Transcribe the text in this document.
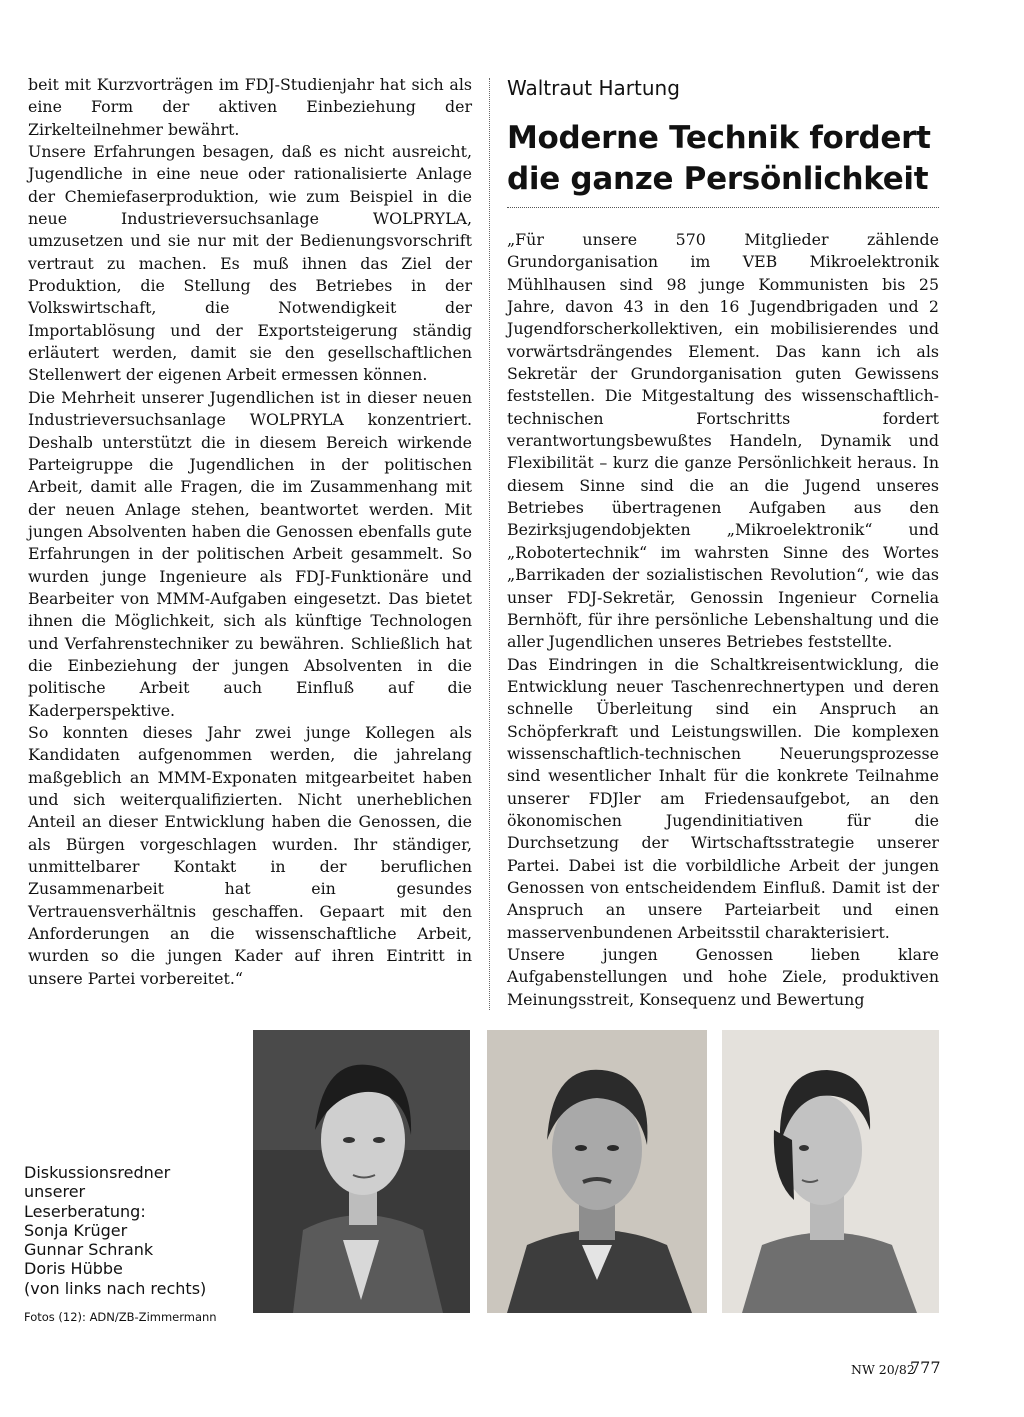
beit mit Kurzvorträgen im FDJ-Studienjahr hat sich als eine Form der aktiven Einbeziehung der Zirkelteilnehmer bewährt.

Unsere Erfahrungen besagen, daß es nicht ausreicht, Jugendliche in eine neue oder rationalisierte Anlage der Chemiefaserproduktion, wie zum Beispiel in die neue Industrieversuchsanlage WOLPRYLA, umzusetzen und sie nur mit der Bedienungsvorschrift vertraut zu machen. Es muß ihnen das Ziel der Produktion, die Stellung des Betriebes in der Volkswirtschaft, die Notwendigkeit der Importablösung und der Exportsteigerung ständig erläutert werden, damit sie den gesellschaftlichen Stellenwert der eigenen Arbeit ermessen können.

Die Mehrheit unserer Jugendlichen ist in dieser neuen Industrieversuchsanlage WOLPRYLA konzentriert. Deshalb unterstützt die in diesem Bereich wirkende Parteigruppe die Jugendlichen in der politischen Arbeit, damit alle Fragen, die im Zusammenhang mit der neuen Anlage stehen, beantwortet werden. Mit jungen Absolventen haben die Genossen ebenfalls gute Erfahrungen in der politischen Arbeit gesammelt. So wurden junge Ingenieure als FDJ-Funktionäre und Bearbeiter von MMM-Aufgaben eingesetzt. Das bietet ihnen die Möglichkeit, sich als künftige Technologen und Verfahrenstechniker zu bewähren. Schließlich hat die Einbeziehung der jungen Absolventen in die politische Arbeit auch Einfluß auf die Kaderperspektive.

So konnten dieses Jahr zwei junge Kollegen als Kandidaten aufgenommen werden, die jahrelang maßgeblich an MMM-Exponaten mitgearbeitet haben und sich weiterqualifizierten. Nicht unerheblichen Anteil an dieser Entwicklung haben die Genossen, die als Bürgen vorgeschlagen wurden. Ihr ständiger, unmittelbarer Kontakt in der beruflichen Zusammenarbeit hat ein gesundes Vertrauensverhältnis geschaffen. Gepaart mit den Anforderungen an die wissenschaftliche Arbeit, wurden so die jungen Kader auf ihren Eintritt in unsere Partei vorbereitet.“

Waltraut Hartung
Moderne Technik fordert
die ganze Persönlichkeit

„Für unsere 570 Mitglieder zählende Grundorganisation im VEB Mikroelektronik Mühlhausen sind 98 junge Kommunisten bis 25 Jahre, davon 43 in den 16 Jugendbrigaden und 2 Jugendforscherkollektiven, ein mobilisierendes und vorwärtsdrängendes Element. Das kann ich als Sekretär der Grundorganisation guten Gewissens feststellen. Die Mitgestaltung des wissenschaftlich-technischen Fortschritts fordert verantwortungsbewußtes Handeln, Dynamik und Flexibilität – kurz die ganze Persönlichkeit heraus. In diesem Sinne sind die an die Jugend unseres Betriebes übertragenen Aufgaben aus den Bezirksjugendobjekten „Mikroelektronik“ und „Robotertechnik“ im wahrsten Sinne des Wortes „Barrikaden der sozialistischen Revolution“, wie das unser FDJ-Sekretär, Genossin Ingenieur Cornelia Bernhöft, für ihre persönliche Lebenshaltung und die aller Jugendlichen unseres Betriebes feststellte.

Das Eindringen in die Schaltkreisentwicklung, die Entwicklung neuer Taschenrechnertypen und deren schnelle Überleitung sind ein Anspruch an Schöpferkraft und Leistungswillen. Die komplexen wissenschaftlich-technischen Neuerungsprozesse sind wesentlicher Inhalt für die konkrete Teilnahme unserer FDJler am Friedensaufgebot, an den ökonomischen Jugendinitiativen für die Durchsetzung der Wirtschaftsstrategie unserer Partei. Dabei ist die vorbildliche Arbeit der jungen Genossen von entscheidendem Einfluß. Damit ist der Anspruch an unsere Parteiarbeit und einen masservenbundenen Arbeitsstil charakterisiert.

Unsere jungen Genossen lieben klare Aufgabenstellungen und hohe Ziele, produktiven Meinungsstreit, Konsequenz und Bewertung

Diskussionsredner
unserer
Leserberatung:
Sonja Krüger
Gunnar Schrank
Doris Hübbe
(von links nach rechts)
Fotos (12): ADN/ZB-Zimmermann
NW 20/82
777
